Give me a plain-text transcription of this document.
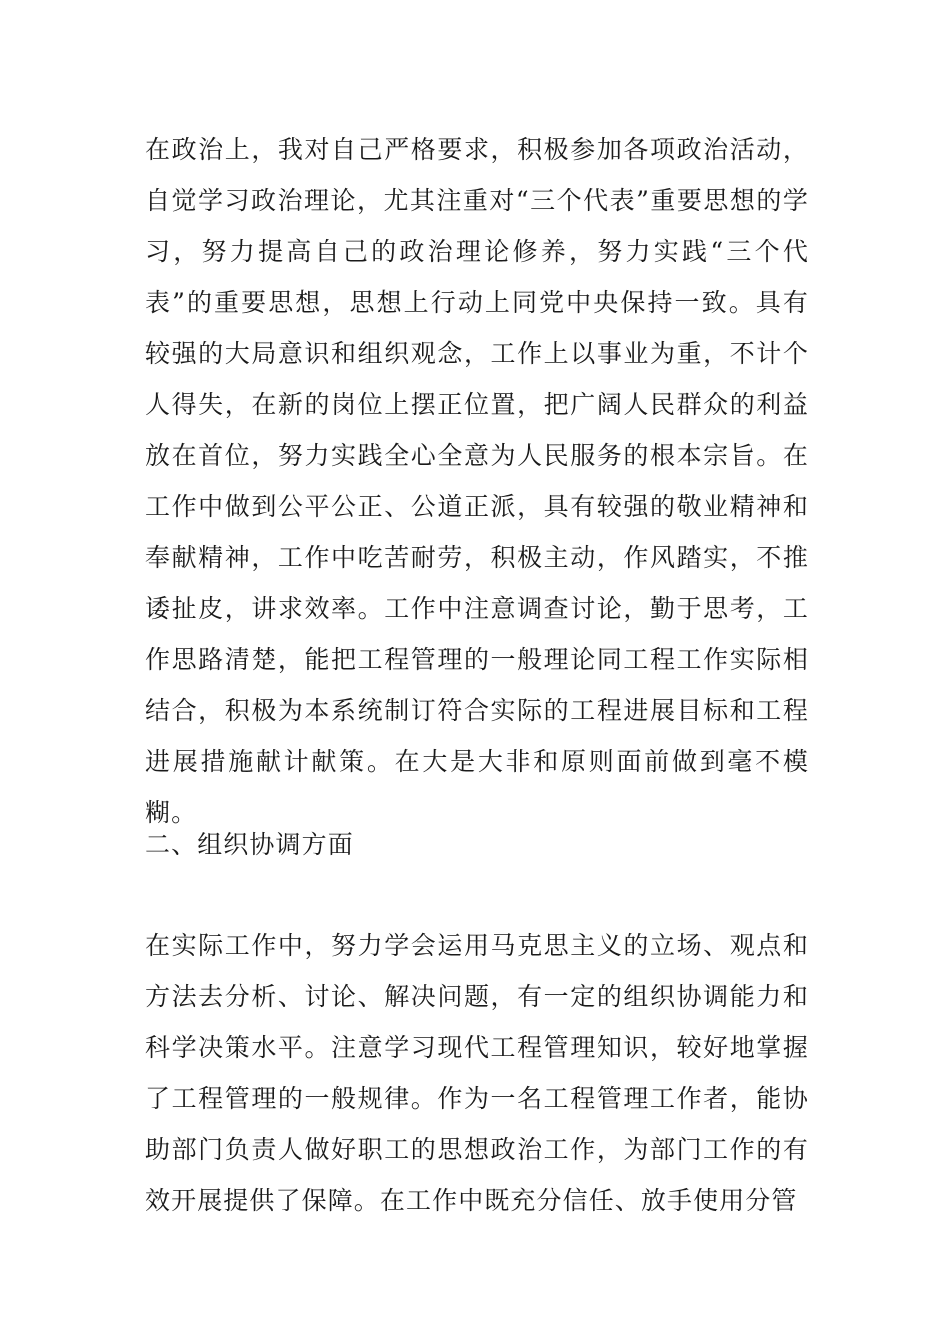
在政治上，我对自己严格要求，积极参加各项政治活动，自觉学习政治理论，尤其注重对“三个代表”重要思想的学习，努力提高自己的政治理论修养，努力实践“三个代表”的重要思想，思想上行动上同党中央保持一致。具有较强的大局意识和组织观念，工作上以事业为重，不计个人得失，在新的岗位上摆正位置，把广阔人民群众的利益放在首位，努力实践全心全意为人民服务的根本宗旨。在工作中做到公平公正、公道正派，具有较强的敬业精神和奉献精神，工作中吃苦耐劳，积极主动，作风踏实，不推诿扯皮，讲求效率。工作中注意调查讨论，勤于思考，工作思路清楚，能把工程管理的一般理论同工程工作实际相结合，积极为本系统制订符合实际的工程进展目标和工程进展措施献计献策。在大是大非和原则面前做到毫不模糊。

二、组织协调方面

在实际工作中，努力学会运用马克思主义的立场、观点和方法去分析、讨论、解决问题，有一定的组织协调能力和科学决策水平。注意学习现代工程管理知识，较好地掌握了工程管理的一般规律。作为一名工程管理工作者，能协助部门负责人做好职工的思想政治工作，为部门工作的有效开展提供了保障。在工作中既充分信任、放手使用分管
